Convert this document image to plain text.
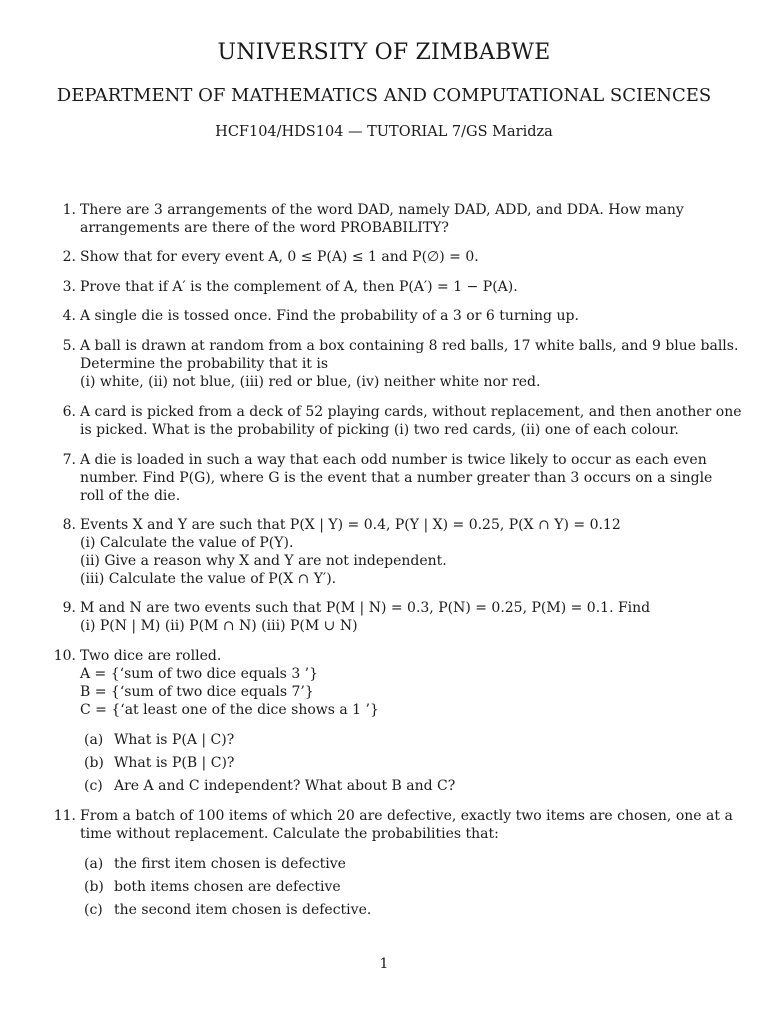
UNIVERSITY OF ZIMBABWE
DEPARTMENT OF MATHEMATICS AND COMPUTATIONAL SCIENCES
HCF104/HDS104 — TUTORIAL 7/GS Maridza
1. There are 3 arrangements of the word DAD, namely DAD, ADD, and DDA. How many
arrangements are there of the word PROBABILITY?
2. Show that for every event A, 0 ≤ P(A) ≤ 1 and P(∅) = 0.
3. Prove that if A′ is the complement of A, then P(A′) = 1 − P(A).
4. A single die is tossed once. Find the probability of a 3 or 6 turning up.
5. A ball is drawn at random from a box containing 8 red balls, 17 white balls, and 9 blue balls.
Determine the probability that it is
(i) white, (ii) not blue, (iii) red or blue, (iv) neither white nor red.
6. A card is picked from a deck of 52 playing cards, without replacement, and then another one
is picked. What is the probability of picking (i) two red cards, (ii) one of each colour.
7. A die is loaded in such a way that each odd number is twice likely to occur as each even
number. Find P(G), where G is the event that a number greater than 3 occurs on a single
roll of the die.
8. Events X and Y are such that P(X | Y) = 0.4, P(Y | X) = 0.25, P(X ∩ Y) = 0.12
(i) Calculate the value of P(Y).
(ii) Give a reason why X and Y are not independent.
(iii) Calculate the value of P(X ∩ Y′).
9. M and N are two events such that P(M | N) = 0.3, P(N) = 0.25, P(M) = 0.1. Find
(i) P(N | M) (ii) P(M ∩ N) (iii) P(M ∪ N)
10. Two dice are rolled.
A = {‘sum of two dice equals 3 ’}
B = {‘sum of two dice equals 7’}
C = {‘at least one of the dice shows a 1 ’}
(a) What is P(A | C)?
(b) What is P(B | C)?
(c) Are A and C independent? What about B and C?
11. From a batch of 100 items of which 20 are defective, exactly two items are chosen, one at a
time without replacement. Calculate the probabilities that:
(a) the first item chosen is defective
(b) both items chosen are defective
(c) the second item chosen is defective.
1
